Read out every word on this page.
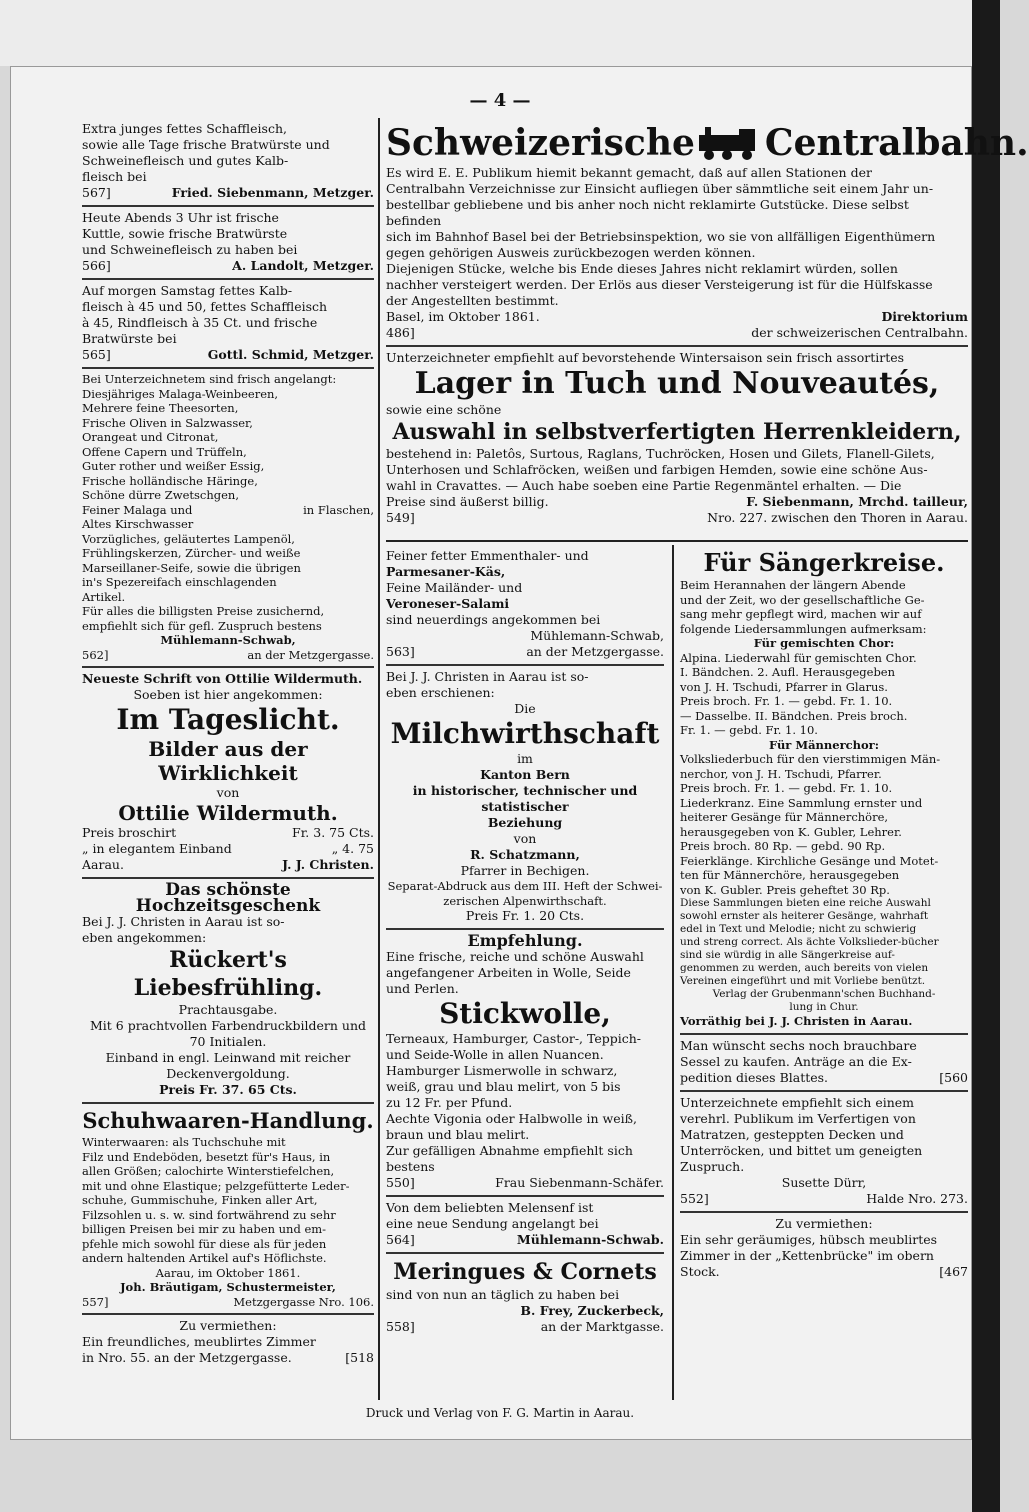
— 4 —

Extra junges fettes Schaffleisch,

sowie alle Tage frische Bratwürste und

Schweinefleisch und gutes Kalb-

fleisch bei
567]	Fried. Siebenmann, Metzger.

Heute Abends 3 Uhr ist frische

Kuttle, sowie frische Bratwürste

und Schweinefleisch zu haben bei

566]	A. Landolt, Metzger.

Auf morgen Samstag fettes Kalb-

fleisch à 45 und 50, fettes Schaffleisch

à 45, Rindfleisch à 35 Ct. und frische

Bratwürste bei

565]	Gottl. Schmid, Metzger.

Bei Unterzeichnetem sind frisch angelangt:

Diesjähriges Malaga-Weinbeeren,

Mehrere feine Theesorten,

Frische Oliven in Salzwasser,

Orangeat und Citronat,

Offene Capern und Trüffeln,

Guter rother und weißer Essig,

Frische holländische Häringe,

Schöne dürre Zwetschgen,

Feiner Malaga und
Altes Kirschwasser
in Flaschen,

Vorzügliches, geläutertes Lampenöl,

Frühlingskerzen, Zürcher- und weiße

Marseillaner-Seife, sowie die übrigen

in's Spezereifach einschlagenden

Artikel.

Für alles die billigsten Preise zusichernd,

empfiehlt sich für gefl. Zuspruch bestens

Mühlemann-Schwab,

562]	an der Metzgergasse.

Neueste Schrift von Ottilie Wildermuth.

Soeben ist hier angekommen:

Im Tageslicht.

Bilder aus der Wirklichkeit

von

Ottilie Wildermuth.

Preis broschirt	Fr. 3. 75 Cts.
„ in elegantem Einband	„ 4. 75
Aarau.	J. J. Christen.

Das schönste Hochzeitsgeschenk

Bei J. J. Christen in Aarau ist so-

eben angekommen:

Rückert's Liebesfrühling.

Prachtausgabe.

Mit 6 prachtvollen Farbendruckbildern und

70 Initialen.

Einband in engl. Leinwand mit reicher

Deckenvergoldung.

Preis Fr. 37. 65 Cts.

Schuhwaaren-Handlung.

Winterwaaren: als Tuchschuhe mit

Filz und Endeböden, besetzt für's Haus, in

allen Größen; calochirte Winterstiefelchen,

mit und ohne Elastique; pelzgefütterte Leder-

schuhe, Gummischuhe, Finken aller Art,

Filzsohlen u. s. w. sind fortwährend zu sehr

billigen Preisen bei mir zu haben und em-

pfehle mich sowohl für diese als für jeden

andern haltenden Artikel auf's Höflichste.

Aarau, im Oktober 1861.

Joh. Bräutigam, Schustermeister,

557]	Metzgergasse Nro. 106.

Zu vermiethen:

Ein freundliches, meublirtes Zimmer

in Nro. 55. an der Metzgergasse.	[518
Schweizerische Centralbahn.

Es wird E. E. Publikum hiemit bekannt gemacht, daß auf allen Stationen der

Centralbahn Verzeichnisse zur Einsicht aufliegen über sämmtliche seit einem Jahr un-

bestellbar gebliebene und bis anher noch nicht reklamirte Gutstücke. Diese selbst befinden

sich im Bahnhof Basel bei der Betriebsinspektion, wo sie von allfälligen Eigenthümern

gegen gehörigen Ausweis zurückbezogen werden können.

Diejenigen Stücke, welche bis Ende dieses Jahres nicht reklamirt würden, sollen

nachher versteigert werden. Der Erlös aus dieser Versteigerung ist für die Hülfskasse

der Angestellten bestimmt.

Basel, im Oktober 1861.	Direktorium
486]	der schweizerischen Centralbahn.

Unterzeichneter empfiehlt auf bevorstehende Wintersaison sein frisch assortirtes

Lager in Tuch und Nouveautés,

sowie eine schöne

Auswahl in selbstverfertigten Herrenkleidern,

bestehend in: Paletôs, Surtous, Raglans, Tuchröcken, Hosen und Gilets, Flanell-Gilets,

Unterhosen und Schlafröcken, weißen und farbigen Hemden, sowie eine schöne Aus-

wahl in Cravattes. — Auch habe soeben eine Partie Regenmäntel erhalten. — Die

Preise sind äußerst billig.	F. Siebenmann, Mrchd. tailleur,
549]	Nro. 227. zwischen den Thoren in Aarau.

Feiner fetter Emmenthaler- und

Parmesaner-Käs,

Feine Mailänder- und

Veroneser-Salami

sind neuerdings angekommen bei

Mühlemann-Schwab,

563]	an der Metzgergasse.

Bei J. J. Christen in Aarau ist so-

eben erschienen:

Die

Milchwirthschaft

im

Kanton Bern

in historischer, technischer und statistischer

Beziehung

von

R. Schatzmann,

Pfarrer in Bechigen.

Separat-Abdruck aus dem III. Heft der Schwei-

zerischen Alpenwirthschaft.

Preis Fr. 1. 20 Cts.

Empfehlung.

Eine frische, reiche und schöne Auswahl

angefangener Arbeiten in Wolle, Seide

und Perlen.

Stickwolle,

Terneaux, Hamburger, Castor-, Teppich-

und Seide-Wolle in allen Nuancen.

Hamburger Lismerwolle in schwarz,

weiß, grau und blau melirt, von 5 bis

zu 12 Fr. per Pfund.

Aechte Vigonia oder Halbwolle in weiß,

braun und blau melirt.

Zur gefälligen Abnahme empfiehlt sich

bestens

550]	Frau Siebenmann-Schäfer.

Von dem beliebten Melensenf ist

eine neue Sendung angelangt bei

564]	Mühlemann-Schwab.

Meringues & Cornets

sind von nun an täglich zu haben bei

B. Frey, Zuckerbeck,

558]	an der Marktgasse.

Für Sängerkreise.

Beim Herannahen der längern Abende

und der Zeit, wo der gesellschaftliche Ge-

sang mehr gepflegt wird, machen wir auf

folgende Liedersammlungen aufmerksam:

Für gemischten Chor:

Alpina. Liederwahl für gemischten Chor.

I. Bändchen. 2. Aufl. Herausgegeben

von J. H. Tschudi, Pfarrer in Glarus.

Preis broch. Fr. 1. — gebd. Fr. 1. 10.

— Dasselbe. II. Bändchen. Preis broch.

Fr. 1. — gebd. Fr. 1. 10.

Für Männerchor:

Volksliederbuch für den vierstimmigen Män-

nerchor, von J. H. Tschudi, Pfarrer.

Preis broch. Fr. 1. — gebd. Fr. 1. 10.

Liederkranz. Eine Sammlung ernster und

heiterer Gesänge für Männerchöre,

herausgegeben von K. Gubler, Lehrer.

Preis broch. 80 Rp. — gebd. 90 Rp.

Feierklänge. Kirchliche Gesänge und Motet-

ten für Männerchöre, herausgegeben

von K. Gubler. Preis geheftet 30 Rp.

Diese Sammlungen bieten eine reiche Auswahl

sowohl ernster als heiterer Gesänge, wahrhaft

edel in Text und Melodie; nicht zu schwierig

und streng correct. Als ächte Volkslieder-bücher

sind sie würdig in alle Sängerkreise auf-

genommen zu werden, auch bereits von vielen

Vereinen eingeführt und mit Vorliebe benützt.

Verlag der Grubenmann'schen Buchhand-

lung in Chur.

Vorräthig bei J. J. Christen in Aarau.

Man wünscht sechs noch brauchbare

Sessel zu kaufen. Anträge an die Ex-

pedition dieses Blattes.	[560

Unterzeichnete empfiehlt sich einem

verehrl. Publikum im Verfertigen von

Matratzen, gesteppten Decken und

Unterröcken, und bittet um geneigten

Zuspruch.

Susette Dürr,

552]	Halde Nro. 273.

Zu vermiethen:

Ein sehr geräumiges, hübsch meublirtes

Zimmer in der „Kettenbrücke" im obern

Stock.	[467
Druck und Verlag von F. G. Martin in Aarau.
